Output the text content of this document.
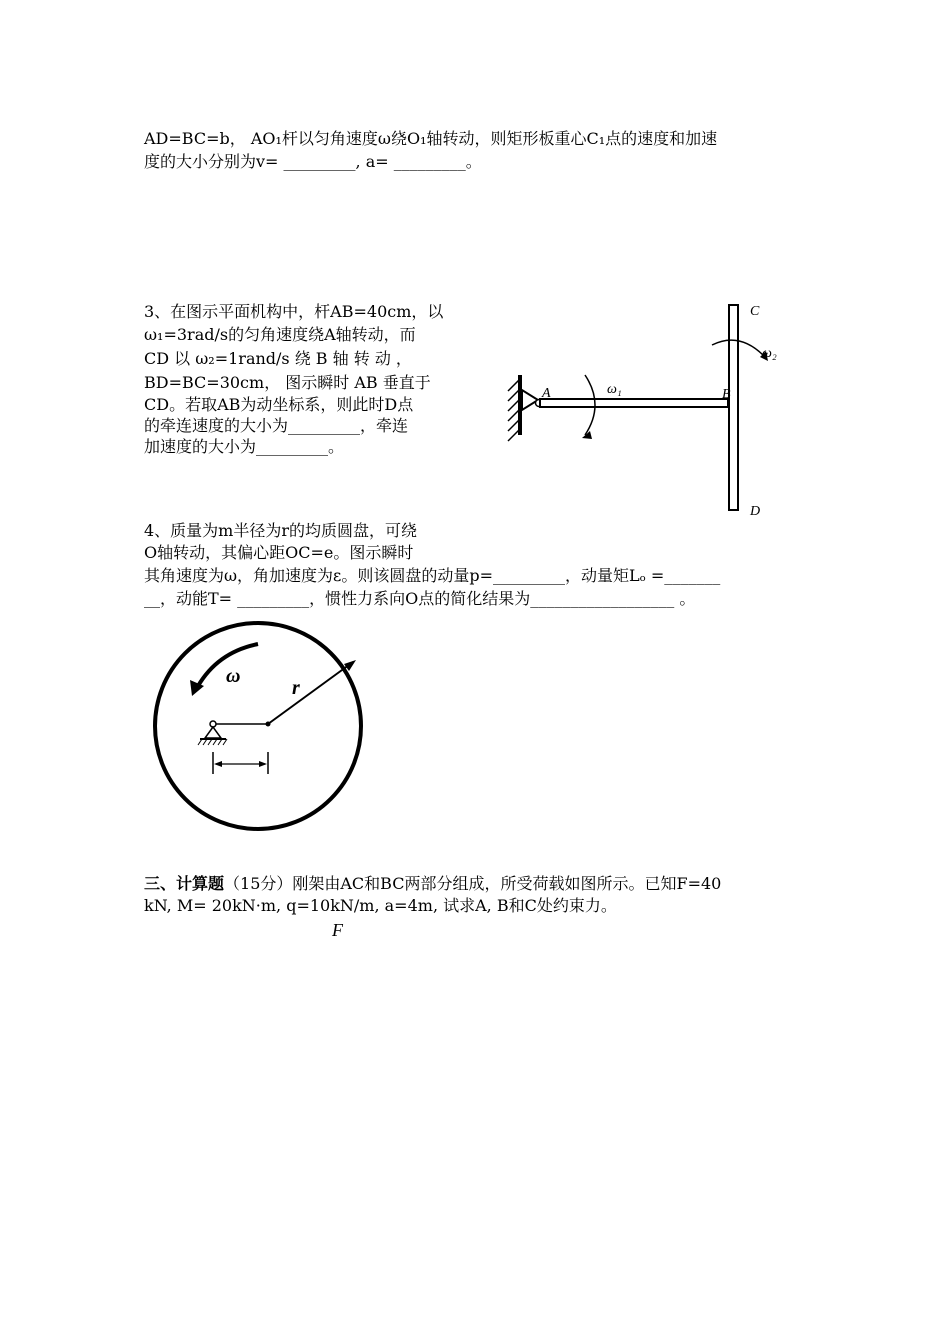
AD=BC=b， AO₁杆以匀角速度ω绕O₁轴转动，则矩形板重心C₁点的速度和加速
度的大小分别为v= _________, a= _________。
3、在图示平面机构中，杆AB=40cm，以
ω₁=3rad/s的匀角速度绕A轴转动，而
CD 以 ω₂=1rand/s 绕 B 轴 转 动 ，
BD=BC=30cm， 图示瞬时 AB 垂直于
CD。若取AB为动坐标系，则此时D点
的牵连速度的大小为_________，牵连
加速度的大小为_________。
A	B
C
D
ω₁
ω₂
4、质量为m半径为r的均质圆盘，可绕
O轴转动，其偏心距OC=e。图示瞬时
其角速度为ω，角加速度为ε。则该圆盘的动量p=_________，动量矩Lₒ =_______
__，动能T= _________，惯性力系向O点的简化结果为__________________ 。
ω
r
三、计算题（15分）刚架由AC和BC两部分组成，所受荷载如图所示。已知F=40
kN, M= 20kN·m, q=10kN/m, a=4m, 试求A, B和C处约束力。
F
